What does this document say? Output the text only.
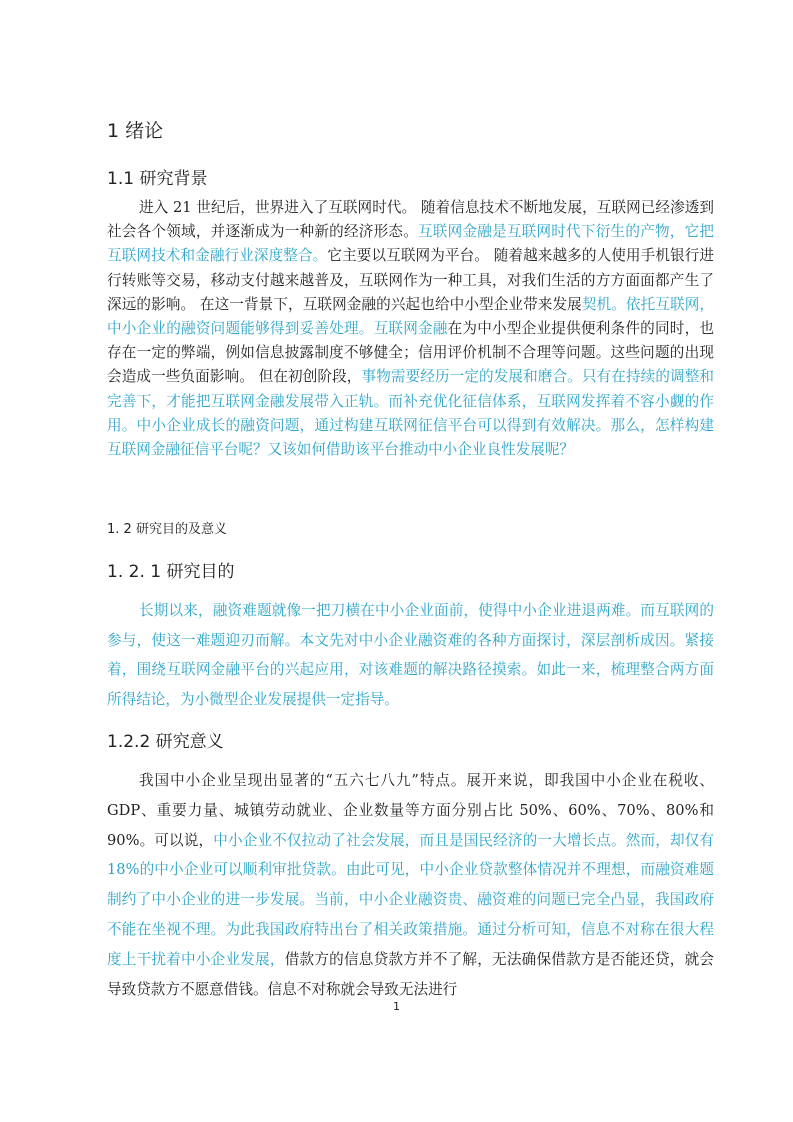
1 绪论
1.1 研究背景
进入 21 世纪后，世界进入了互联网时代。 随着信息技术不断地发展，互联网已经渗透到社会各个领域，并逐渐成为一种新的经济形态。互联网金融是互联网时代下衍生的产物，它把互联网技术和金融行业深度整合。它主要以互联网为平台。 随着越来越多的人使用手机银行进行转账等交易，移动支付越来越普及，互联网作为一种工具，对我们生活的方方面面都产生了深远的影响。 在这一背景下，互联网金融的兴起也给中小型企业带来发展契机。依托互联网，中小企业的融资问题能够得到妥善处理。互联网金融在为中小型企业提供便利条件的同时，也存在一定的弊端，例如信息披露制度不够健全；信用评价机制不合理等问题。这些问题的出现会造成一些负面影响。 但在初创阶段，事物需要经历一定的发展和磨合。只有在持续的调整和完善下，才能把互联网金融发展带入正轨。而补充优化征信体系，互联网发挥着不容小觑的作用。中小企业成长的融资问题，通过构建互联网征信平台可以得到有效解决。那么，怎样构建互联网金融征信平台呢？又该如何借助该平台推动中小企业良性发展呢？
1. 2 研究目的及意义
1. 2. 1 研究目的
长期以来，融资难题就像一把刀横在中小企业面前，使得中小企业进退两难。而互联网的参与，使这一难题迎刃而解。本文先对中小企业融资难的各种方面探讨，深层剖析成因。紧接着，围绕互联网金融平台的兴起应用，对该难题的解决路径摸索。如此一来，梳理整合两方面所得结论，为小微型企业发展提供一定指导。
1.2.2 研究意义
我国中小企业呈现出显著的“五六七八九”特点。展开来说，即我国中小企业在税收、GDP、重要力量、城镇劳动就业、企业数量等方面分别占比 50%、60%、70%、80%和 90%。可以说，中小企业不仅拉动了社会发展，而且是国民经济的一大增长点。然而，却仅有 18%的中小企业可以顺利审批贷款。由此可见，中小企业贷款整体情况并不理想，而融资难题制约了中小企业的进一步发展。当前，中小企业融资贵、融资难的问题已完全凸显，我国政府不能在坐视不理。为此我国政府特出台了相关政策措施。通过分析可知，信息不对称在很大程度上干扰着中小企业发展，借款方的信息贷款方并不了解，无法确保借款方是否能还贷，就会导致贷款方不愿意借钱。信息不对称就会导致无法进行
1
